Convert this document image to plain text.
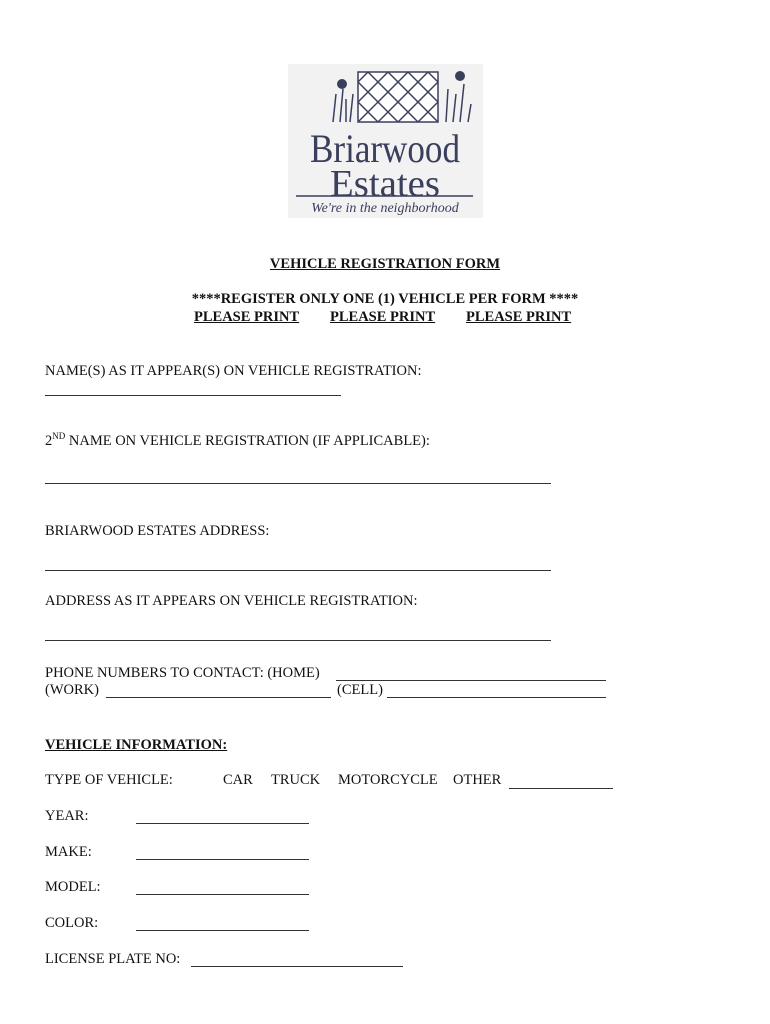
Briarwood
Estates
We're in the neighborhood
VEHICLE REGISTRATION FORM
****REGISTER ONLY ONE (1) VEHICLE PER FORM ****
PLEASE PRINT PLEASE PRINT PLEASE PRINT
NAME(S) AS IT APPEAR(S) ON VEHICLE REGISTRATION:
2ND NAME ON VEHICLE REGISTRATION (IF APPLICABLE):
BRIARWOOD ESTATES ADDRESS:
ADDRESS AS IT APPEARS ON VEHICLE REGISTRATION:
PHONE NUMBERS TO CONTACT: (HOME)
(WORK)	(CELL)
VEHICLE INFORMATION:
TYPE OF VEHICLE:	CAR TRUCK MOTORCYCLE OTHER
YEAR:
MAKE:
MODEL:
COLOR:
LICENSE PLATE NO:
